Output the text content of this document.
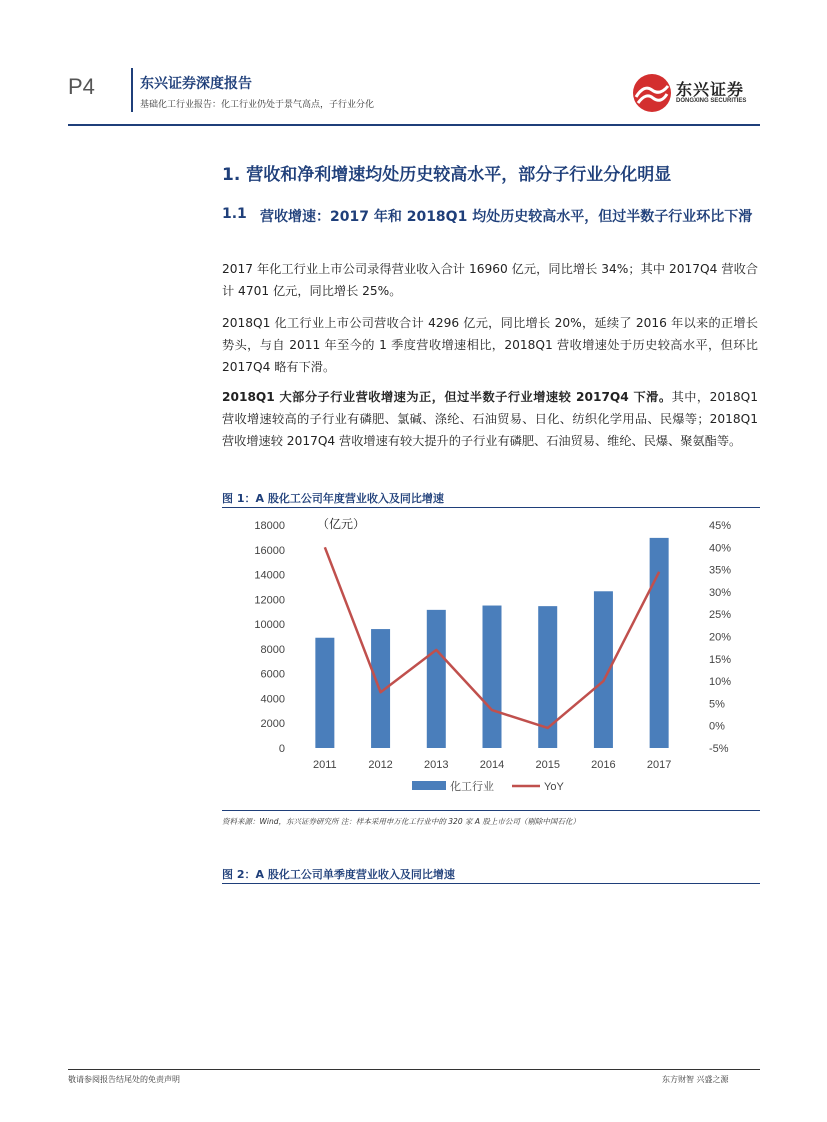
P4	东兴证券深度报告
基础化工行业报告：化工行业仍处于景气高点，子行业分化
东兴证券
DONGXING SECURITIES
1. 营收和净利增速均处历史较高水平，部分子行业分化明显
1.1 营收增速：2017 年和 2018Q1 均处历史较高水平，但过半数子行业环比下滑
2017 年化工行业上市公司录得营业收入合计 16960 亿元，同比增长 34%；其中 2017Q4 营收合计 4701 亿元，同比增长 25%。
2018Q1 化工行业上市公司营收合计 4296 亿元，同比增长 20%，延续了 2016 年以来的正增长势头，与自 2011 年至今的 1 季度营收增速相比，2018Q1 营收增速处于历史较高水平，但环比 2017Q4 略有下滑。
2018Q1 大部分子行业营收增速为正，但过半数子行业增速较 2017Q4 下滑。其中，2018Q1 营收增速较高的子行业有磷肥、氯碱、涤纶、石油贸易、日化、纺织化学用品、民爆等；2018Q1 营收增速较 2017Q4 营收增速有较大提升的子行业有磷肥、石油贸易、维纶、民爆、聚氨酯等。
图 1：A 股化工公司年度营业收入及同比增速
0
2000
4000
6000
8000
10000
12000
14000
16000
18000
-5%
0%
5%
10%
15%
20%
25%
30%
35%
40%
45%
（亿元）
2011	2012	2013	2014	2015	2016	2017
化工行业	YoY
资料来源：Wind，东兴证券研究所 注：样本采用申万化工行业中的 320 家 A 股上市公司（剔除中国石化）
图 2：A 股化工公司单季度营业收入及同比增速
敬请参阅报告结尾处的免责声明	东方财智 兴盛之源
